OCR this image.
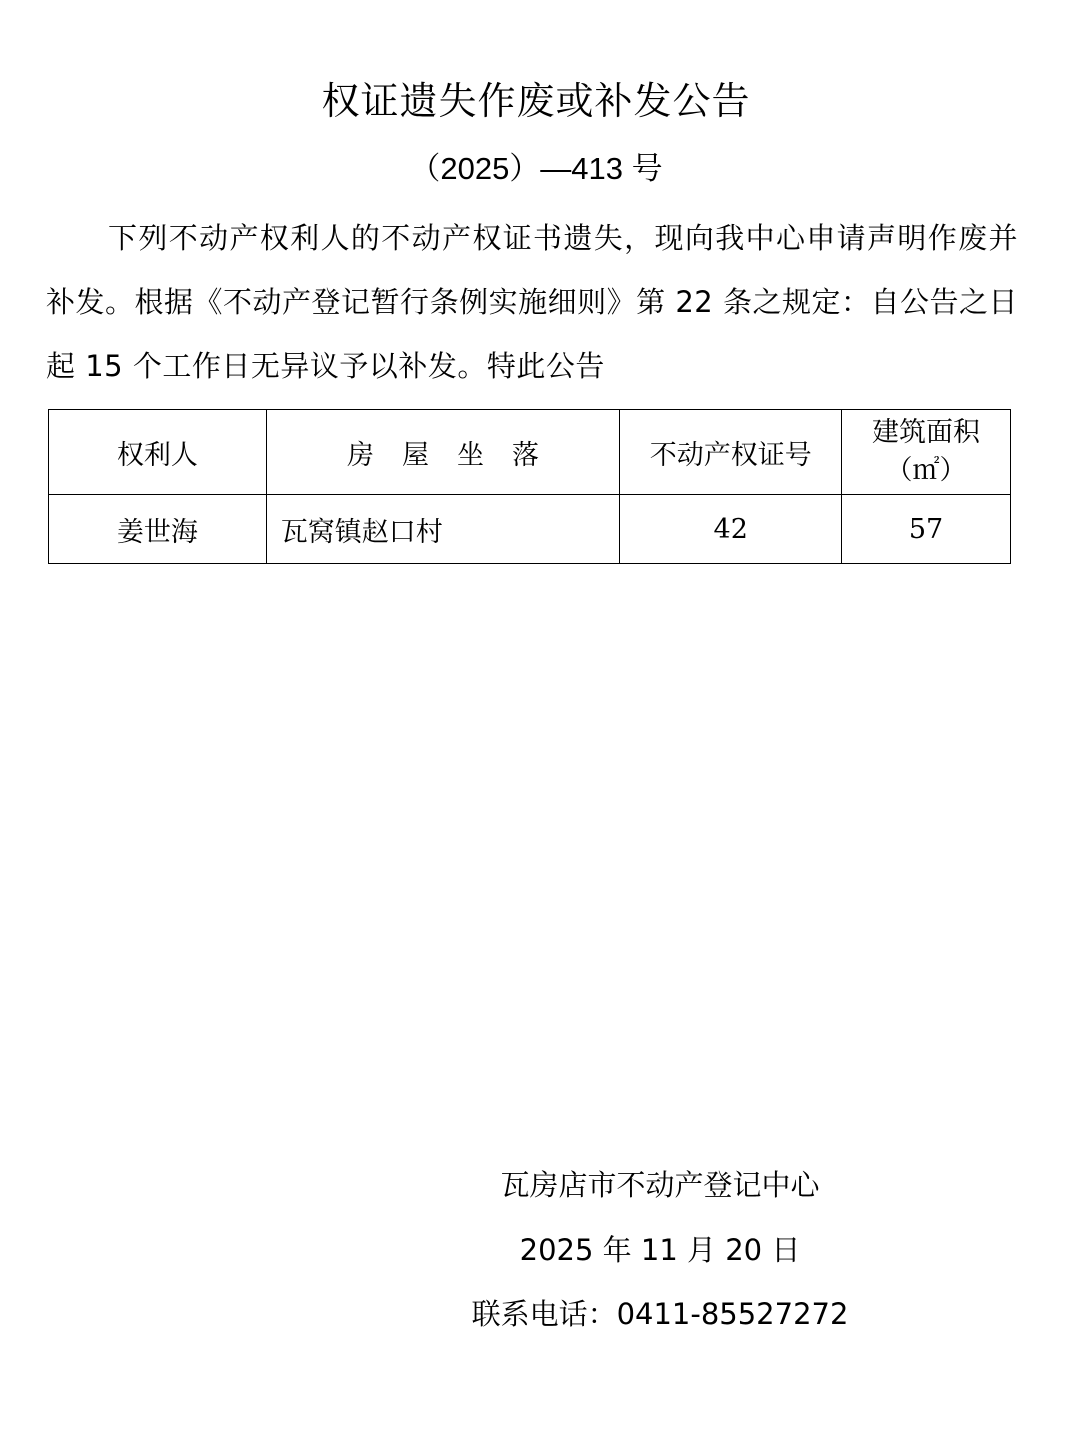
权证遗失作废或补发公告
（2025）—413 号
下列不动产权利人的不动产权证书遗失，现向我中心申请声明作废并补发。根据《不动产登记暂行条例实施细则》第 22 条之规定：自公告之日起 15 个工作日无异议予以补发。特此公告
权利人	房 屋 坐 落	不动产权证号	建筑面积
（㎡）

姜世海	瓦窝镇赵口村	42	57
瓦房店市不动产登记中心
2025 年 11 月 20 日
联系电话：0411-85527272
